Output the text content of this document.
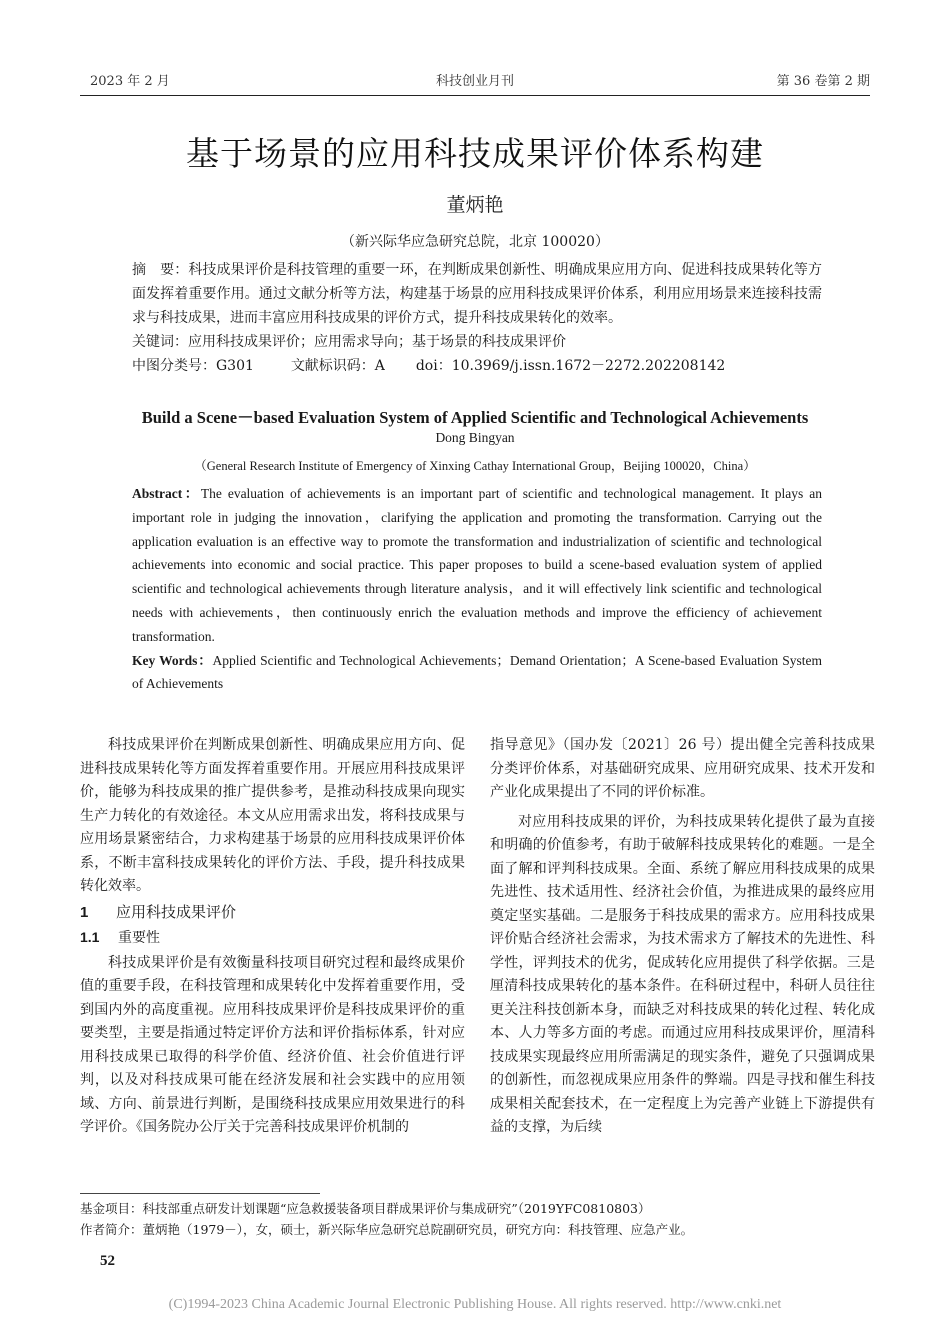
2023 年 2 月	科技创业月刊	第 36 卷第 2 期
基于场景的应用科技成果评价体系构建
董炳艳
（新兴际华应急研究总院，北京 100020）

摘　要：科技成果评价是科技管理的重要一环，在判断成果创新性、明确成果应用方向、促进科技成果转化等方面发挥着重要作用。通过文献分析等方法，构建基于场景的应用科技成果评价体系，利用应用场景来连接科技需求与科技成果，进而丰富应用科技成果的评价方式，提升科技成果转化的效率。

关键词：应用科技成果评价；应用需求导向；基于场景的科技成果评价

中图分类号：G301	文献标识码：A doi：10.3969/j.issn.1672－2272.202208142

Build a Scene－based Evaluation System of Applied Scientific and Technological Achievements
Dong Bingyan
（General Research Institute of Emergency of Xinxing Cathay International Group，Beijing 100020，China）
Abstract：The evaluation of achievements is an important part of scientific and technological management. It plays an important role in judging the innovation，clarifying the application and promoting the transformation. Carrying out the application evaluation is an effective way to promote the transformation and industrialization of scientific and technological achievements into economic and social practice. This paper proposes to build a scene-based evaluation system of applied scientific and technological achievements through literature analysis，and it will effectively link scientific and technological needs with achievements，then continuously enrich the evaluation methods and improve the efficiency of achievement transformation.
Key Words：Applied Scientific and Technological Achievements；Demand Orientation；A Scene-based Evaluation System of Achievements

科技成果评价在判断成果创新性、明确成果应用方向、促进科技成果转化等方面发挥着重要作用。开展应用科技成果评价，能够为科技成果的推广提供参考，是推动科技成果向现实生产力转化的有效途径。本文从应用需求出发，将科技成果与应用场景紧密结合，力求构建基于场景的应用科技成果评价体系，不断丰富科技成果转化的评价方法、手段，提升科技成果转化效率。

1 应用科技成果评价
1.1 重要性

科技成果评价是有效衡量科技项目研究过程和最终成果价值的重要手段，在科技管理和成果转化中发挥着重要作用，受到国内外的高度重视。应用科技成果评价是科技成果评价的重要类型，主要是指通过特定评价方法和评价指标体系，针对应用科技成果已取得的科学价值、经济价值、社会价值进行评判，以及对科技成果可能在经济发展和社会实践中的应用领域、方向、前景进行判断，是围绕科技成果应用效果进行的科学评价。《国务院办公厅关于完善科技成果评价机制的

指导意见》（国办发〔2021〕26 号）提出健全完善科技成果分类评价体系，对基础研究成果、应用研究成果、技术开发和产业化成果提出了不同的评价标准。

对应用科技成果的评价，为科技成果转化提供了最为直接和明确的价值参考，有助于破解科技成果转化的难题。一是全面了解和评判科技成果。全面、系统了解应用科技成果的成果先进性、技术适用性、经济社会价值，为推进成果的最终应用奠定坚实基础。二是服务于科技成果的需求方。应用科技成果评价贴合经济社会需求，为技术需求方了解技术的先进性、科学性，评判技术的优劣，促成转化应用提供了科学依据。三是厘清科技成果转化的基本条件。在科研过程中，科研人员往往更关注科技创新本身，而缺乏对科技成果的转化过程、转化成本、人力等多方面的考虑。而通过应用科技成果评价，厘清科技成果实现最终应用所需满足的现实条件，避免了只强调成果的创新性，而忽视成果应用条件的弊端。四是寻找和催生科技成果相关配套技术，在一定程度上为完善产业链上下游提供有益的支撑，为后续

基金项目：科技部重点研发计划课题“应急救援装备项目群成果评价与集成研究”（2019YFC0810803）
作者简介：董炳艳（1979－），女，硕士，新兴际华应急研究总院副研究员，研究方向：科技管理、应急产业。
52
(C)1994-2023 China Academic Journal Electronic Publishing House. All rights reserved. http://www.cnki.net
